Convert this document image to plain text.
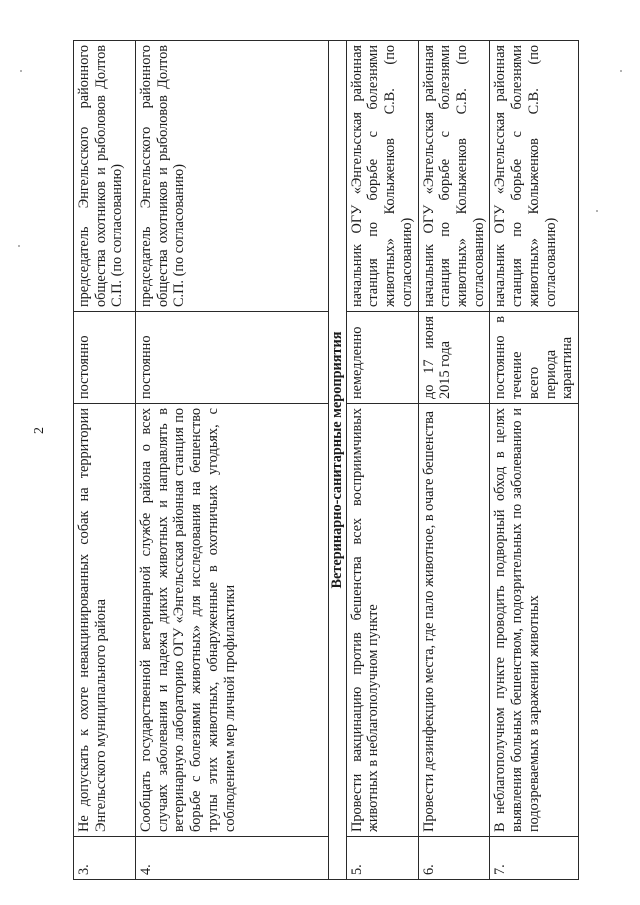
2
3.	Не допускать к охоте невакцинированных собак на территории Энгельсского муниципального района	постоянно	председатель Энгельсского районного общества охотников и рыболовов Долтов С.П. (по согласованию)
4.	Сообщать государственной ветеринарной службе района о всех случаях заболевания и падежа диких животных и направлять в ветеринарную лабораторию ОГУ «Энгельсская районная станция по борьбе с болезнями животных» для исследования на бешенство трупы этих животных, обнаруженные в охотничьих угодьях, с соблюдением мер личной профилактики	постоянно	председатель Энгельсского районного общества охотников и рыболовов Долтов С.П. (по согласованию)
Ветеринарно-санитарные мероприятия			
5.	Провести вакцинацию против бешенства всех восприимчивых животных в неблагополучном пункте	немедленно	начальник ОГУ «Энгельсская районная станция по борьбе с болезнями животных» Колыженков С.В. (по согласованию)
6.	Провести дезинфекцию места, где пало животное, в очаге бешенства	до 17 июня 2015 года	начальник ОГУ «Энгельсская районная станция по борьбе с болезнями животных» Колыженков С.В. (по согласованию)
7.	В неблагополучном пункте проводить подворный обход в целях выявления больных бешенством, подозрительных по заболеванию и подозреваемых в заражении животных	постоянно в течение всего периода карантина	начальник ОГУ «Энгельсская районная станция по борьбе с болезнями животных» Колыженков С.В. (по согласованию)
